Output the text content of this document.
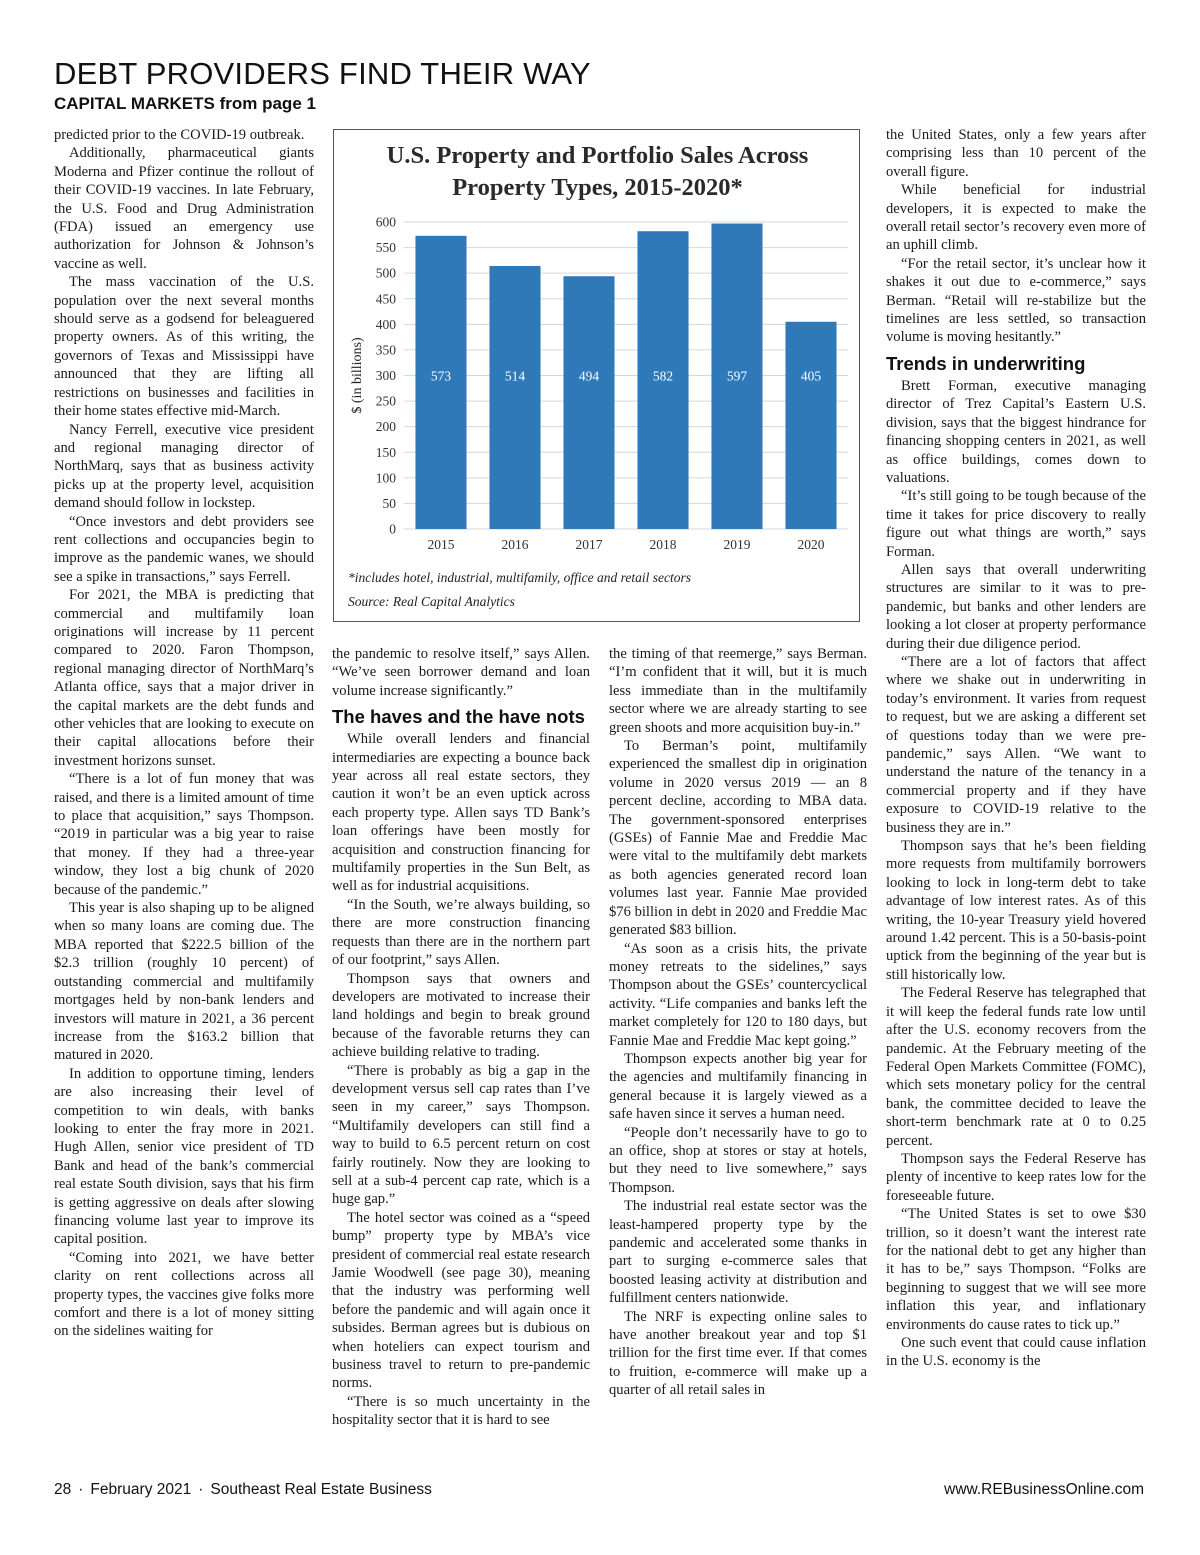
DEBT PROVIDERS FIND THEIR WAY
CAPITAL MARKETS from page 1

predicted prior to the COVID-19 outbreak.

Additionally, pharmaceutical giants Moderna and Pfizer continue the rollout of their COVID-19 vaccines. In late February, the U.S. Food and Drug Administration (FDA) issued an emergency use authorization for Johnson & Johnson’s vaccine as well.

The mass vaccination of the U.S. population over the next several months should serve as a godsend for beleaguered property owners. As of this writing, the governors of Texas and Mississippi have announced that they are lifting all restrictions on businesses and facilities in their home states effective mid-March.

Nancy Ferrell, executive vice president and regional managing director of NorthMarq, says that as business activity picks up at the property level, acquisition demand should follow in lockstep.

“Once investors and debt providers see rent collections and occupancies begin to improve as the pandemic wanes, we should see a spike in transactions,” says Ferrell.

For 2021, the MBA is predicting that commercial and multifamily loan originations will increase by 11 percent compared to 2020. Faron Thompson, regional managing director of NorthMarq’s Atlanta office, says that a major driver in the capital markets are the debt funds and other vehicles that are looking to execute on their capital allocations before their investment horizons sunset.

“There is a lot of fun money that was raised, and there is a limited amount of time to place that acquisition,” says Thompson. “2019 in particular was a big year to raise that money. If they had a three-year window, they lost a big chunk of 2020 because of the pandemic.”

This year is also shaping up to be aligned when so many loans are coming due. The MBA reported that $222.5 billion of the $2.3 trillion (roughly 10 percent) of outstanding commercial and multifamily mortgages held by non-bank lenders and investors will mature in 2021, a 36 percent increase from the $163.2 billion that matured in 2020.

In addition to opportune timing, lenders are also increasing their level of competition to win deals, with banks looking to enter the fray more in 2021. Hugh Allen, senior vice president of TD Bank and head of the bank’s commercial real estate South division, says that his firm is getting aggressive on deals after slowing financing volume last year to improve its capital position.

“Coming into 2021, we have better clarity on rent collections across all property types, the vaccines give folks more comfort and there is a lot of money sitting on the sidelines waiting for

the pandemic to resolve itself,” says Allen. “We’ve seen borrower demand and loan volume increase significantly.”

The haves and the have nots

While overall lenders and financial intermediaries are expecting a bounce back year across all real estate sectors, they caution it won’t be an even uptick across each property type. Allen says TD Bank’s loan offerings have been mostly for acquisition and construction financing for multifamily properties in the Sun Belt, as well as for industrial acquisitions.

“In the South, we’re always building, so there are more construction financing requests than there are in the northern part of our footprint,” says Allen.

Thompson says that owners and developers are motivated to increase their land holdings and begin to break ground because of the favorable returns they can achieve building relative to trading.

“There is probably as big a gap in the development versus sell cap rates than I’ve seen in my career,” says Thompson. “Multifamily developers can still find a way to build to 6.5 percent return on cost fairly routinely. Now they are looking to sell at a sub-4 percent cap rate, which is a huge gap.”

The hotel sector was coined as a “speed bump” property type by MBA’s vice president of commercial real estate research Jamie Woodwell (see page 30), meaning that the industry was performing well before the pandemic and will again once it subsides. Berman agrees but is dubious on when hoteliers can expect tourism and business travel to return to pre-pandemic norms.

“There is so much uncertainty in the hospitality sector that it is hard to see

the timing of that reemerge,” says Berman. “I’m confident that it will, but it is much less immediate than in the multifamily sector where we are already starting to see green shoots and more acquisition buy-in.”

To Berman’s point, multifamily experienced the smallest dip in origination volume in 2020 versus 2019 — an 8 percent decline, according to MBA data. The government-sponsored enterprises (GSEs) of Fannie Mae and Freddie Mac were vital to the multifamily debt markets as both agencies generated record loan volumes last year. Fannie Mae provided $76 billion in debt in 2020 and Freddie Mac generated $83 billion.

“As soon as a crisis hits, the private money retreats to the sidelines,” says Thompson about the GSEs’ countercyclical activity. “Life companies and banks left the market completely for 120 to 180 days, but Fannie Mae and Freddie Mac kept going.”

Thompson expects another big year for the agencies and multifamily financing in general because it is largely viewed as a safe haven since it serves a human need.

“People don’t necessarily have to go to an office, shop at stores or stay at hotels, but they need to live somewhere,” says Thompson.

The industrial real estate sector was the least-hampered property type by the pandemic and accelerated some thanks in part to surging e-commerce sales that boosted leasing activity at distribution and fulfillment centers nationwide.

The NRF is expecting online sales to have another breakout year and top $1 trillion for the first time ever. If that comes to fruition, e-commerce will make up a quarter of all retail sales in

the United States, only a few years after comprising less than 10 percent of the overall figure.

While beneficial for industrial developers, it is expected to make the overall retail sector’s recovery even more of an uphill climb.

“For the retail sector, it’s unclear how it shakes it out due to e-commerce,” says Berman. “Retail will re-stabilize but the timelines are less settled, so transaction volume is moving hesitantly.”

Trends in underwriting

Brett Forman, executive managing director of Trez Capital’s Eastern U.S. division, says that the biggest hindrance for financing shopping centers in 2021, as well as office buildings, comes down to valuations.

“It’s still going to be tough because of the time it takes for price discovery to really figure out what things are worth,” says Forman.

Allen says that overall underwriting structures are similar to it was to pre-pandemic, but banks and other lenders are looking a lot closer at property performance during their due diligence period.

“There are a lot of factors that affect where we shake out in underwriting in today’s environment. It varies from request to request, but we are asking a different set of questions today than we were pre-pandemic,” says Allen. “We want to understand the nature of the tenancy in a commercial property and if they have exposure to COVID-19 relative to the business they are in.”

Thompson says that he’s been fielding more requests from multifamily borrowers looking to lock in long-term debt to take advantage of low interest rates. As of this writing, the 10-year Treasury yield hovered around 1.42 percent. This is a 50-basis-point uptick from the beginning of the year but is still historically low.

The Federal Reserve has telegraphed that it will keep the federal funds rate low until after the U.S. economy recovers from the pandemic. At the February meeting of the Federal Open Markets Committee (FOMC), which sets monetary policy for the central bank, the committee decided to leave the short-term benchmark rate at 0 to 0.25 percent.

Thompson says the Federal Reserve has plenty of incentive to keep rates low for the foreseeable future.

“The United States is set to owe $30 trillion, so it doesn’t want the interest rate for the national debt to get any higher than it has to be,” says Thompson. “Folks are beginning to suggest that we will see more inflation this year, and inflationary environments do cause rates to tick up.”

One such event that could cause inflation in the U.S. economy is the

U.S. Property and Portfolio Sales Across
Property Types, 2015-2020*
0
50
100
150
200
250
300
350
400
450
500
550
600
$ (in billions)	573
2015
514
2016
494
2017
582
2018
597
2019
405
2020
*includes hotel, industrial, multifamily, office and retail sectors
Source: Real Capital Analytics
28 · February 2021 · Southeast Real Estate Business	www.REBusinessOnline.com
